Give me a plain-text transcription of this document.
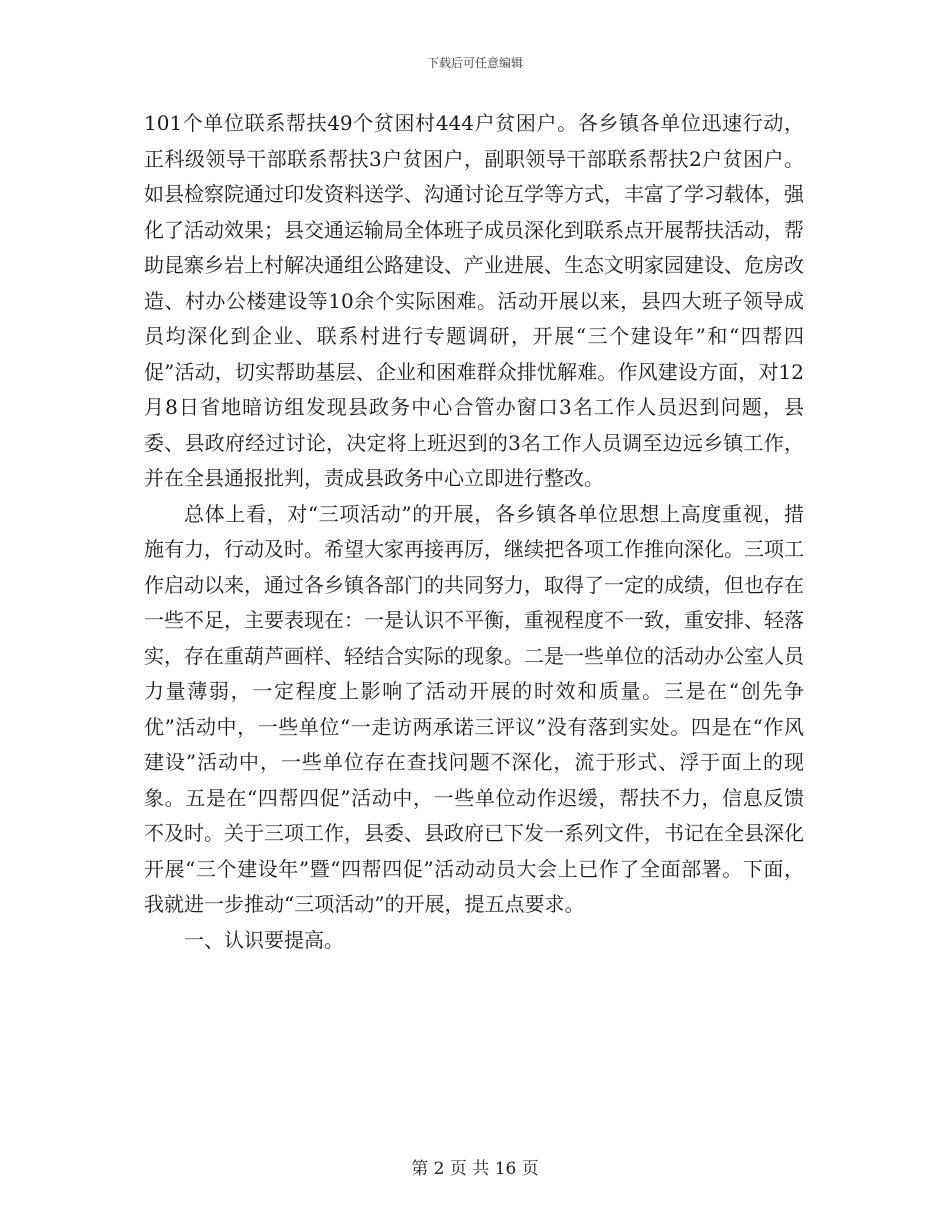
下载后可任意编辑

101个单位联系帮扶49个贫困村444户贫困户。各乡镇各单位迅速行动，正科级领导干部联系帮扶3户贫困户，副职领导干部联系帮扶2户贫困户。如县检察院通过印发资料送学、沟通讨论互学等方式，丰富了学习载体，强化了活动效果；县交通运输局全体班子成员深化到联系点开展帮扶活动，帮助昆寨乡岩上村解决通组公路建设、产业进展、生态文明家园建设、危房改造、村办公楼建设等10余个实际困难。活动开展以来，县四大班子领导成员均深化到企业、联系村进行专题调研，开展“三个建设年”和“四帮四促”活动，切实帮助基层、企业和困难群众排忧解难。作风建设方面，对12月8日省地暗访组发现县政务中心合管办窗口3名工作人员迟到问题，县委、县政府经过讨论，决定将上班迟到的3名工作人员调至边远乡镇工作，并在全县通报批判，责成县政务中心立即进行整改。

总体上看，对“三项活动”的开展，各乡镇各单位思想上高度重视，措施有力，行动及时。希望大家再接再厉，继续把各项工作推向深化。三项工作启动以来，通过各乡镇各部门的共同努力，取得了一定的成绩，但也存在一些不足，主要表现在：一是认识不平衡，重视程度不一致，重安排、轻落实，存在重葫芦画样、轻结合实际的现象。二是一些单位的活动办公室人员力量薄弱，一定程度上影响了活动开展的时效和质量。三是在“创先争优”活动中，一些单位“一走访两承诺三评议”没有落到实处。四是在“作风建设”活动中，一些单位存在查找问题不深化，流于形式、浮于面上的现象。五是在“四帮四促”活动中，一些单位动作迟缓，帮扶不力，信息反馈不及时。关于三项工作，县委、县政府已下发一系列文件，书记在全县深化开展“三个建设年”暨“四帮四促”活动动员大会上已作了全面部署。下面，我就进一步推动“三项活动”的开展，提五点要求。

一、认识要提高。

第 2 页 共 16 页
